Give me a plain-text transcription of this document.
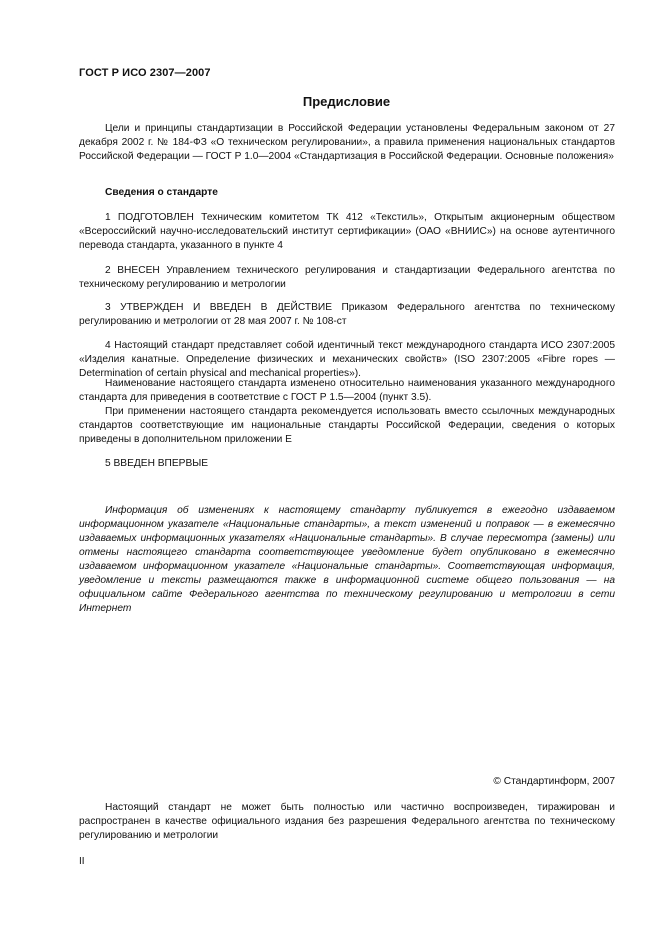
ГОСТ Р ИСО 2307—2007
Предисловие

Цели и принципы стандартизации в Российской Федерации установлены Федеральным законом от 27 декабря 2002 г. № 184-ФЗ «О техническом регулировании», а правила применения национальных стандартов Российской Федерации — ГОСТ Р 1.0—2004 «Стандартизация в Российской Федерации. Основные положения»

Сведения о стандарте

1 ПОДГОТОВЛЕН Техническим комитетом ТК 412 «Текстиль», Открытым акционерным обществом «Всероссийский научно-исследовательский институт сертификации» (ОАО «ВНИИС») на основе аутентичного перевода стандарта, указанного в пункте 4

2 ВНЕСЕН Управлением технического регулирования и стандартизации Федерального агентства по техническому регулированию и метрологии

3 УТВЕРЖДЕН И ВВЕДЕН В ДЕЙСТВИЕ Приказом Федерального агентства по техническому регулированию и метрологии от 28 мая 2007 г. № 108-ст

4 Настоящий стандарт представляет собой идентичный текст международного стандарта ИСО 2307:2005 «Изделия канатные. Определение физических и механических свойств» (ISO 2307:2005 «Fibre ropes — Determination of certain physical and mechanical properties»).

Наименование настоящего стандарта изменено относительно наименования указанного международного стандарта для приведения в соответствие с ГОСТ Р 1.5—2004 (пункт 3.5).

При применении настоящего стандарта рекомендуется использовать вместо ссылочных международных стандартов соответствующие им национальные стандарты Российской Федерации, сведения о которых приведены в дополнительном приложении Е

5 ВВЕДЕН ВПЕРВЫЕ

Информация об изменениях к настоящему стандарту публикуется в ежегодно издаваемом информационном указателе «Национальные стандарты», а текст изменений и поправок — в ежемесячно издаваемых информационных указателях «Национальные стандарты». В случае пересмотра (замены) или отмены настоящего стандарта соответствующее уведомление будет опубликовано в ежемесячно издаваемом информационном указателе «Национальные стандарты». Соответствующая информация, уведомление и тексты размещаются также в информационной системе общего пользования — на официальном сайте Федерального агентства по техническому регулированию и метрологии в сети Интернет

© Стандартинформ, 2007

Настоящий стандарт не может быть полностью или частично воспроизведен, тиражирован и распространен в качестве официального издания без разрешения Федерального агентства по техническому регулированию и метрологии

II
